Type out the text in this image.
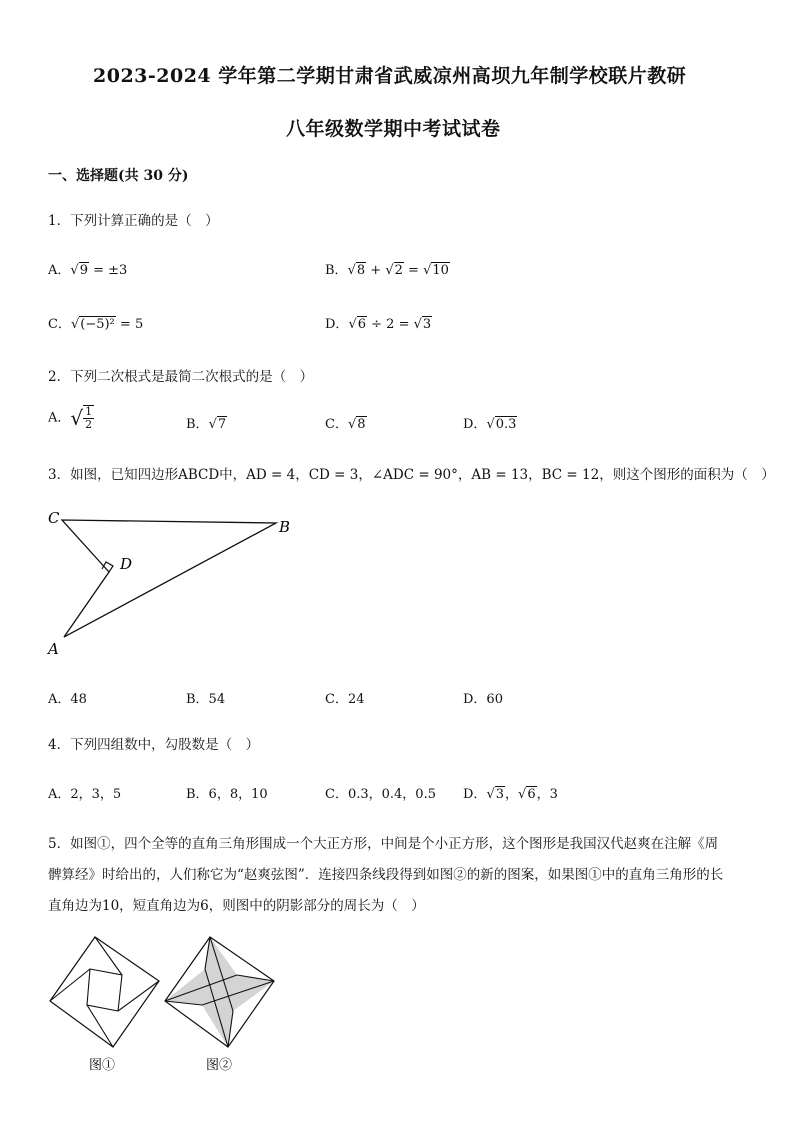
2023-2024 学年第二学期甘肃省武威凉州高坝九年制学校联片教研
八年级数学期中考试试卷
一、选择题(共 30 分)
1．下列计算正确的是（　）
A．√9 = ±3	B．√8 + √2 = √10
C．√(−5)² = 5	D．√6 ÷ 2 = √3
2．下列二次根式是最简二次根式的是（　）
A．√ $\frac{1}{2}$	B．√7	C．√8	D．√0.3
3．如图，已知四边形ABCD中，AD = 4，CD = 3，∠ADC = 90°，AB = 13，BC = 12，则这个图形的面积为（　）
C	B
D
A
A．48	B．54	C．24	D．60
4．下列四组数中，勾股数是（　）
A．2，3，5	B．6，8，10	C．0.3，0.4，0.5 D．√3，√6，3
5．如图①，四个全等的直角三角形围成一个大正方形，中间是个小正方形，这个图形是我国汉代赵爽在注解《周
髀算经》时给出的，人们称它为“赵爽弦图”．连接四条线段得到如图②的新的图案，如果图①中的直角三角形的长
直角边为10，短直角边为6，则图中的阴影部分的周长为（　）
图①	图②
